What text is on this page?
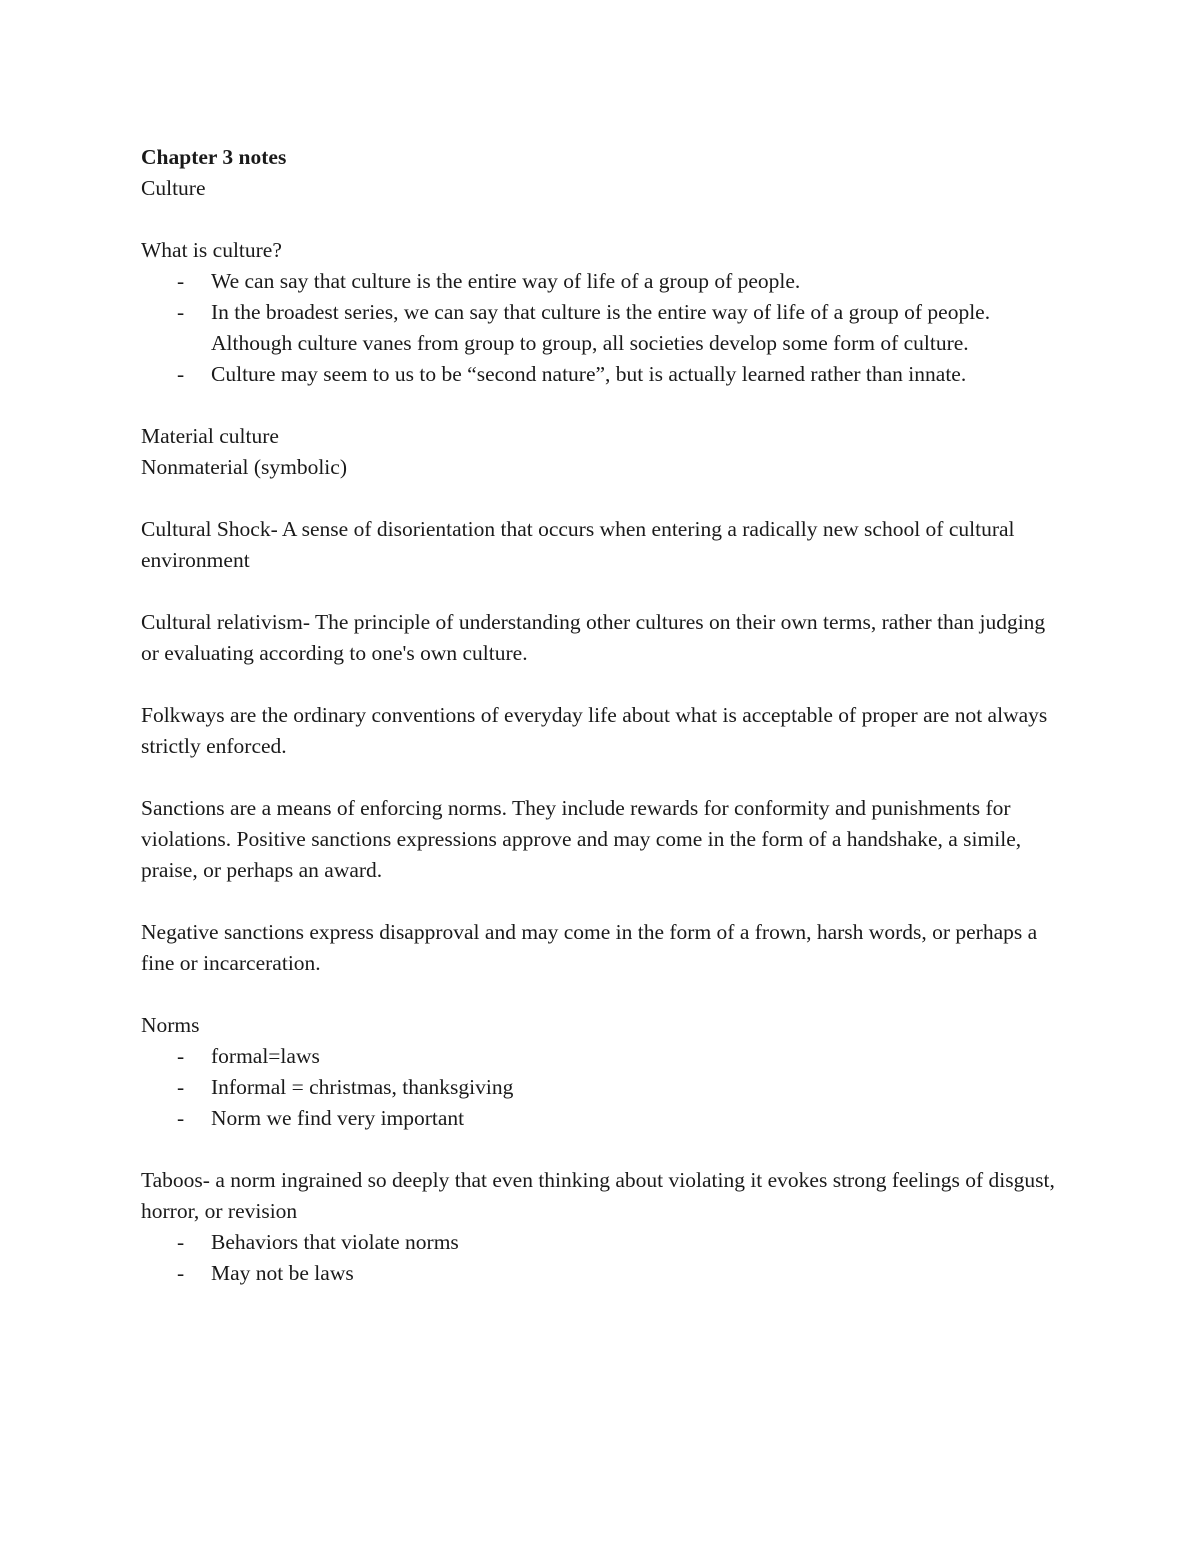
Chapter 3 notes

Culture

What is culture?

- We can say that culture is the entire way of life of a group of people.
- In the broadest series, we can say that culture is the entire way of life of a group of people. Although culture vanes from group to group, all societies develop some form of culture.
- Culture may seem to us to be “second nature”, but is actually learned rather than innate.

Material culture

Nonmaterial (symbolic)

Cultural Shock- A sense of disorientation that occurs when entering a radically new school of cultural environment

Cultural relativism- The principle of understanding other cultures on their own terms, rather than judging or evaluating according to one's own culture.

Folkways are the ordinary conventions of everyday life about what is acceptable of proper are not always strictly enforced.

Sanctions are a means of enforcing norms. They include rewards for conformity and punishments for violations. Positive sanctions expressions approve and may come in the form of a handshake, a simile, praise, or perhaps an award.

Negative sanctions express disapproval and may come in the form of a frown, harsh words, or perhaps a fine or incarceration.

Norms

- formal=laws
- Informal = christmas, thanksgiving
- Norm we find very important

Taboos- a norm ingrained so deeply that even thinking about violating it evokes strong feelings of disgust, horror, or revision

- Behaviors that violate norms
- May not be laws
